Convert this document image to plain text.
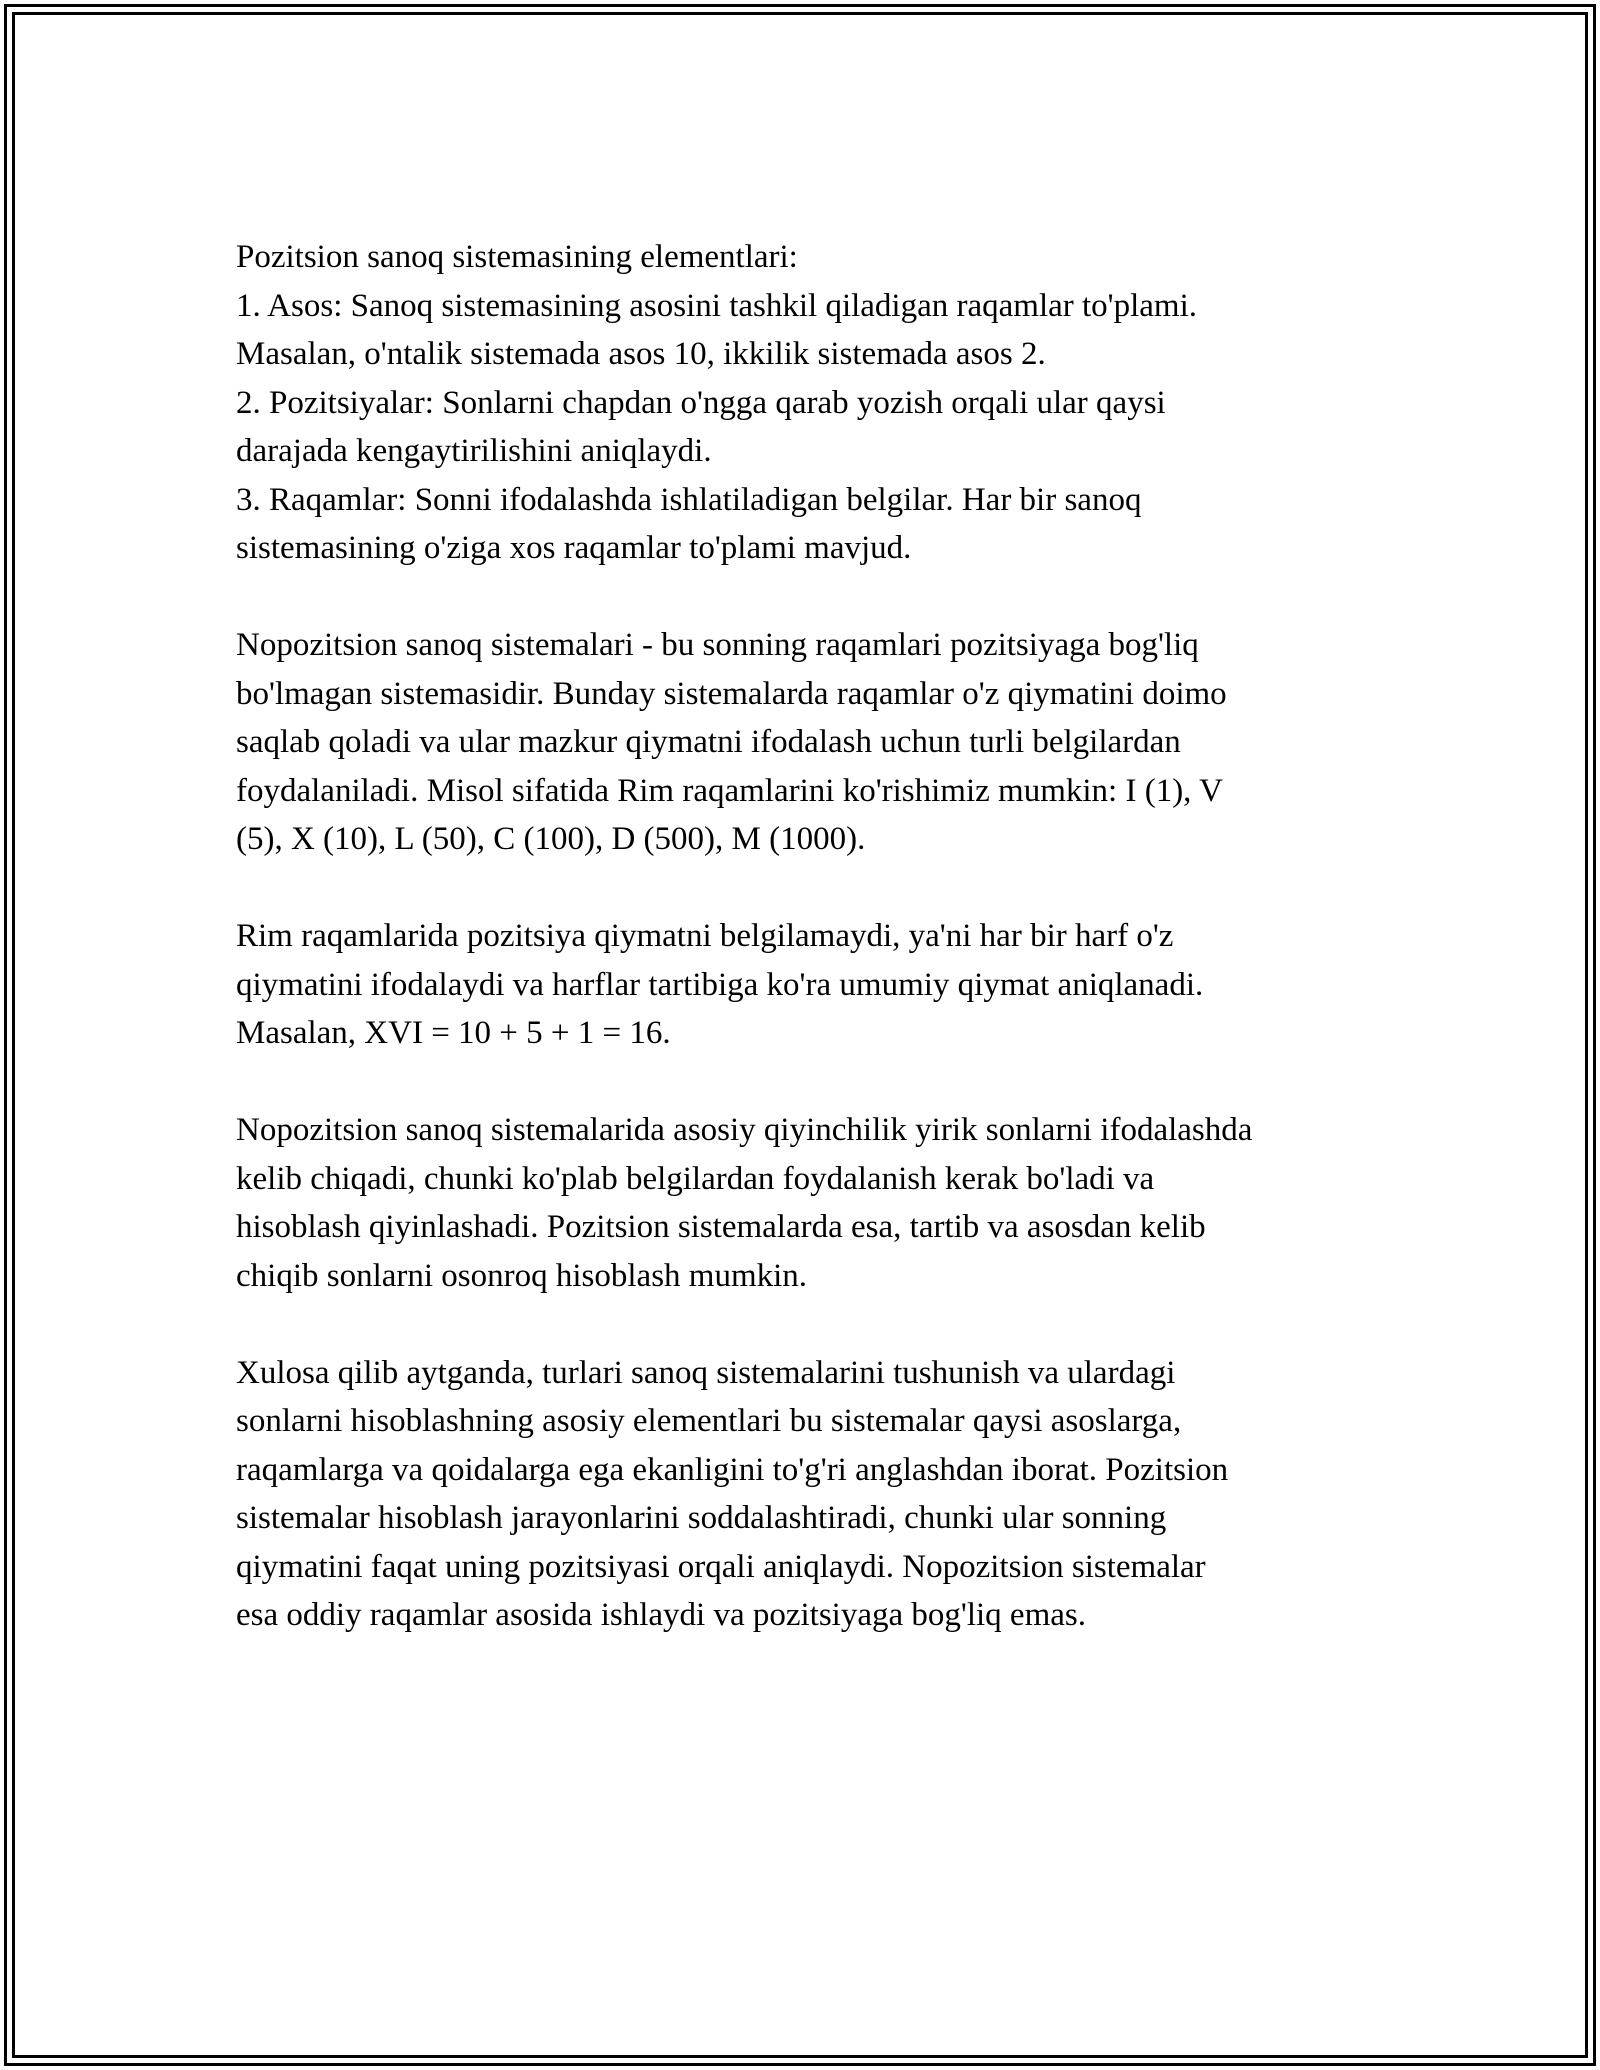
Pozitsion sanoq sistemasining elementlari:
1. Asos: Sanoq sistemasining asosini tashkil qiladigan raqamlar to'plami.
Masalan, o'ntalik sistemada asos 10, ikkilik sistemada asos 2.
2. Pozitsiyalar: Sonlarni chapdan o'ngga qarab yozish orqali ular qaysi
darajada kengaytirilishini aniqlaydi.
3. Raqamlar: Sonni ifodalashda ishlatiladigan belgilar. Har bir sanoq
sistemasining o'ziga xos raqamlar to'plami mavjud.
Nopozitsion sanoq sistemalari - bu sonning raqamlari pozitsiyaga bog'liq
bo'lmagan sistemasidir. Bunday sistemalarda raqamlar o'z qiymatini doimo
saqlab qoladi va ular mazkur qiymatni ifodalash uchun turli belgilardan
foydalaniladi. Misol sifatida Rim raqamlarini ko'rishimiz mumkin: I (1), V
(5), X (10), L (50), C (100), D (500), M (1000).
Rim raqamlarida pozitsiya qiymatni belgilamaydi, ya'ni har bir harf o'z
qiymatini ifodalaydi va harflar tartibiga ko'ra umumiy qiymat aniqlanadi.
Masalan, XVI = 10 + 5 + 1 = 16.
Nopozitsion sanoq sistemalarida asosiy qiyinchilik yirik sonlarni ifodalashda
kelib chiqadi, chunki ko'plab belgilardan foydalanish kerak bo'ladi va
hisoblash qiyinlashadi. Pozitsion sistemalarda esa, tartib va asosdan kelib
chiqib sonlarni osonroq hisoblash mumkin.
Xulosa qilib aytganda, turlari sanoq sistemalarini tushunish va ulardagi
sonlarni hisoblashning asosiy elementlari bu sistemalar qaysi asoslarga,
raqamlarga va qoidalarga ega ekanligini to'g'ri anglashdan iborat. Pozitsion
sistemalar hisoblash jarayonlarini soddalashtiradi, chunki ular sonning
qiymatini faqat uning pozitsiyasi orqali aniqlaydi. Nopozitsion sistemalar
esa oddiy raqamlar asosida ishlaydi va pozitsiyaga bog'liq emas.
